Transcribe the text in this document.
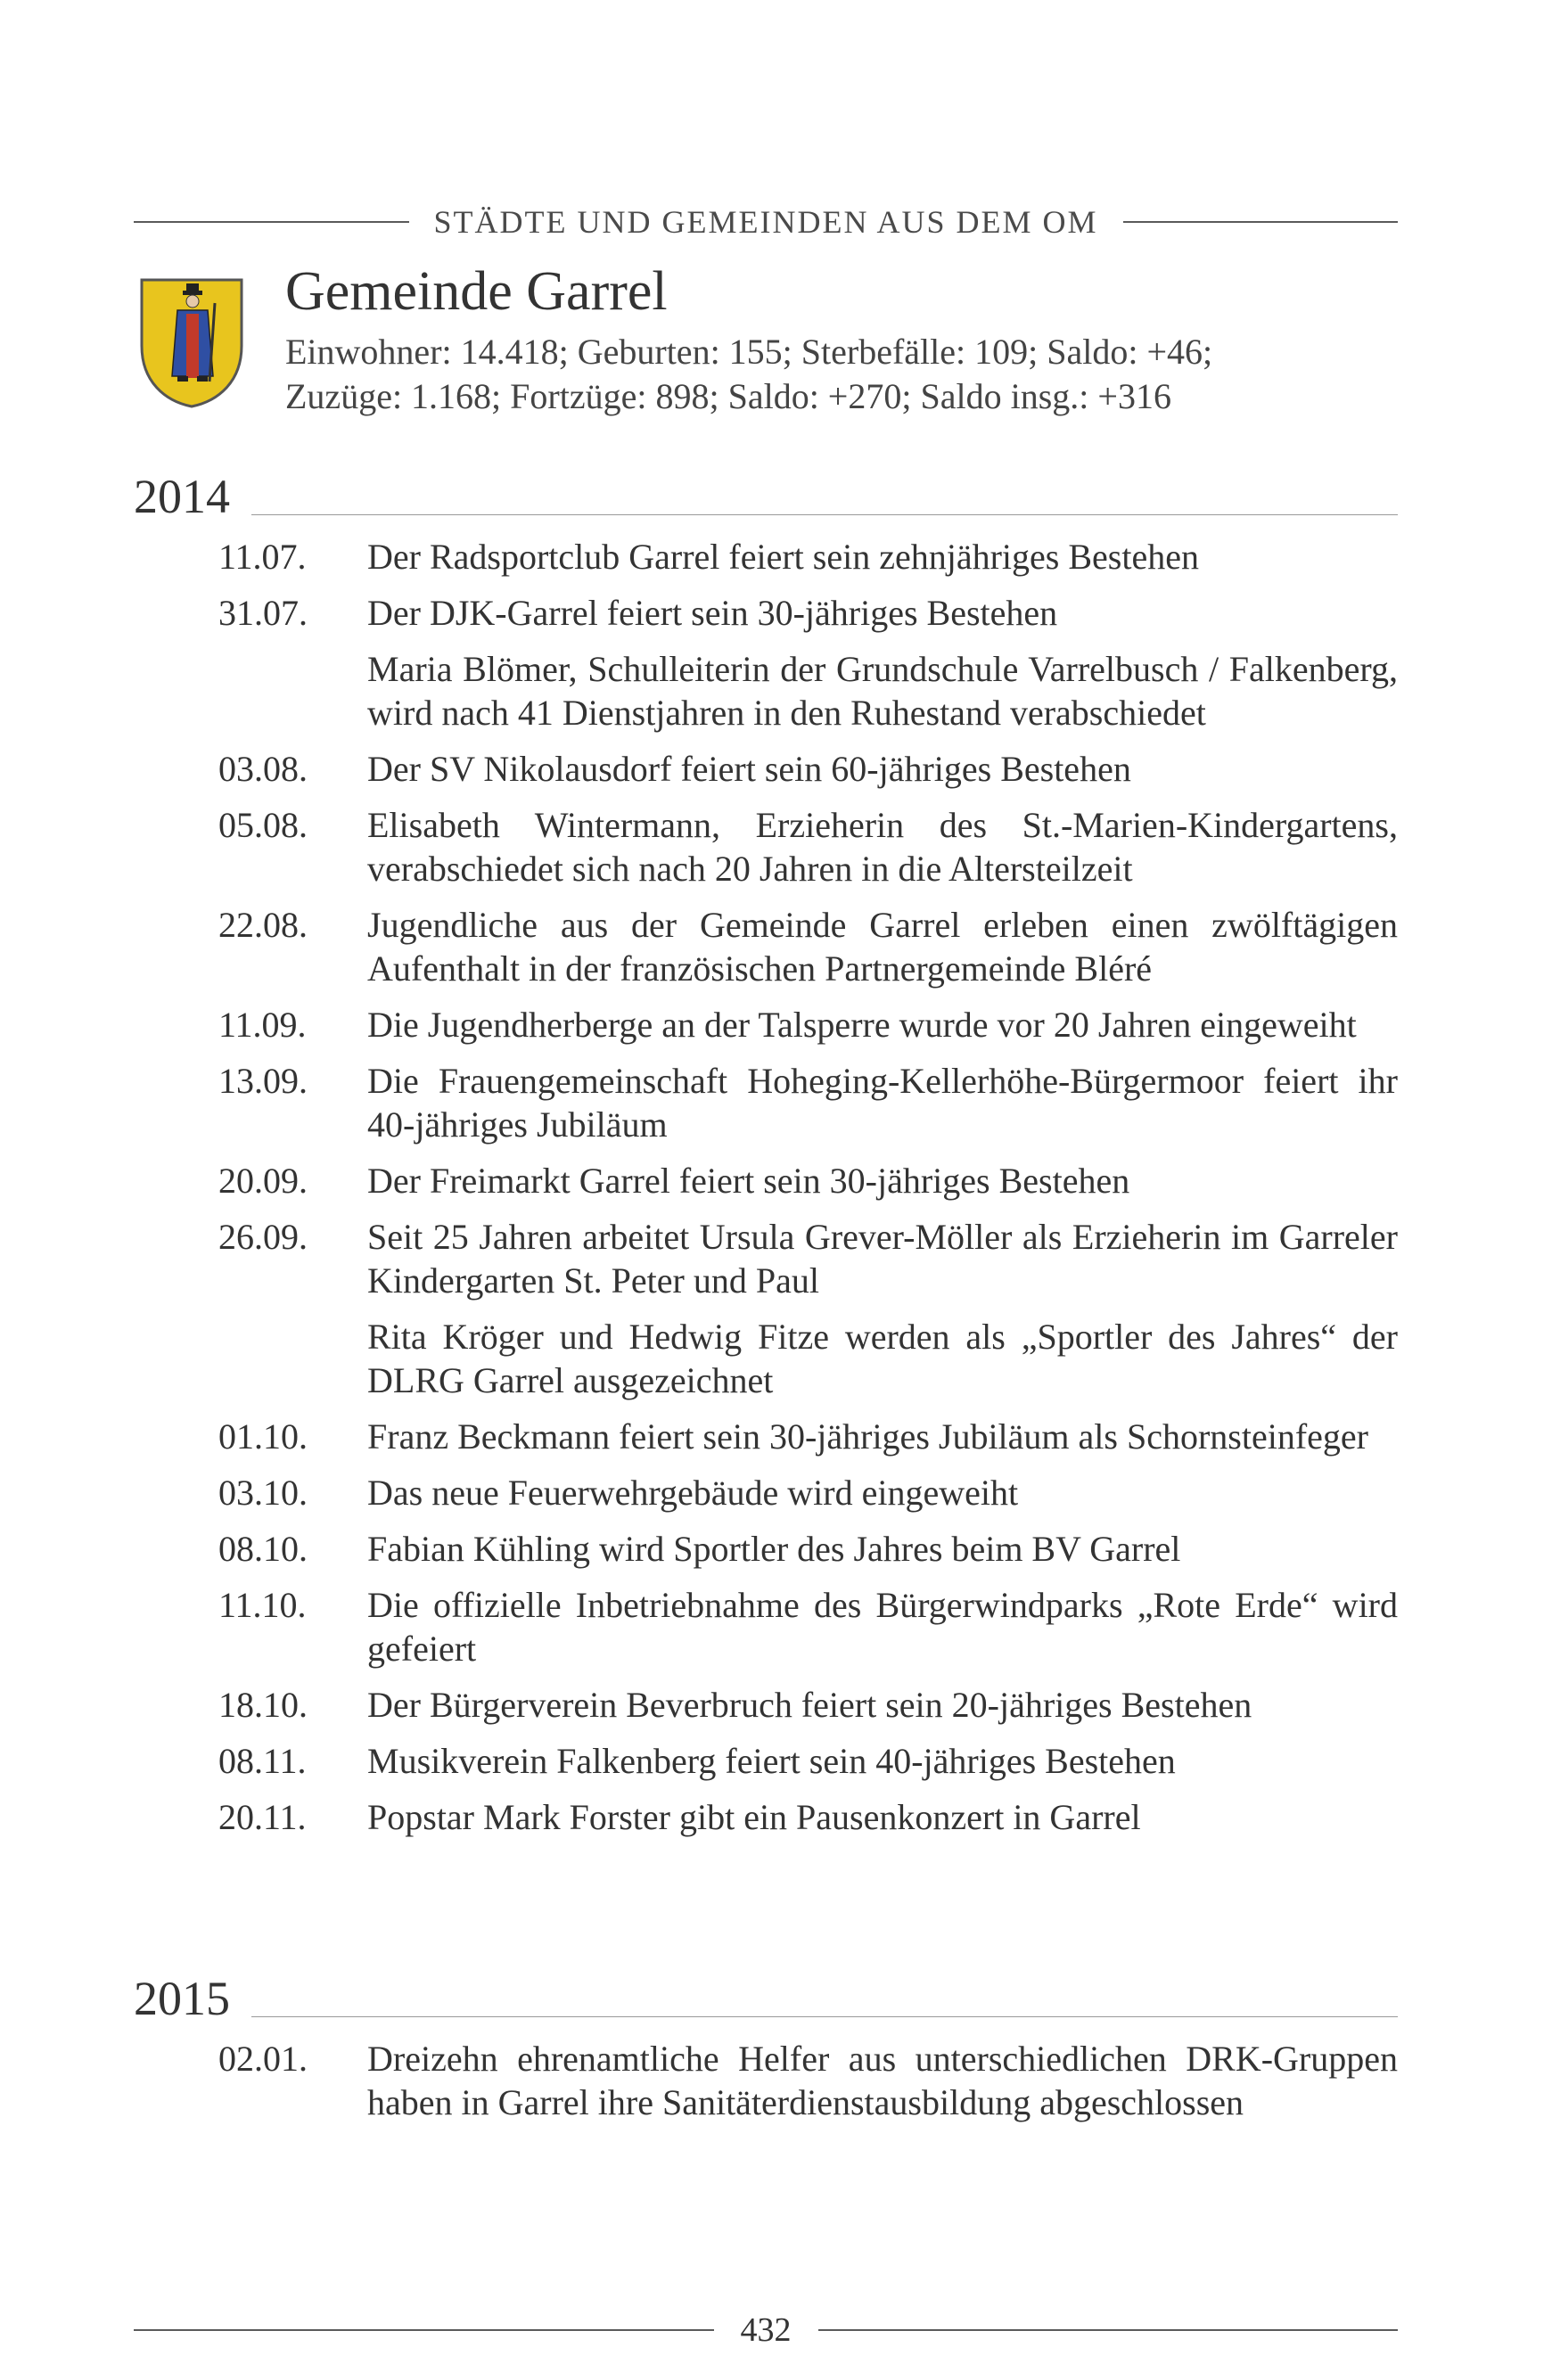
STÄDTE UND GEMEINDEN AUS DEM OM
Gemeinde Garrel
Einwohner: 14.418; Geburten: 155; Sterbefälle: 109; Saldo: +46;
Zuzüge: 1.168; Fortzüge: 898; Saldo: +270; Saldo insg.: +316
2014
11.07.	Der Radsportclub Garrel feiert sein zehnjähriges Bestehen
31.07.	Der DJK-Garrel feiert sein 30-jähriges Bestehen
Maria Blömer, Schulleiterin der Grundschule Varrelbusch / Falkenberg, wird nach 41 Dienstjahren in den Ruhestand verabschiedet
03.08.	Der SV Nikolausdorf feiert sein 60-jähriges Bestehen
05.08.	Elisabeth Wintermann, Erzieherin des St.-Marien-Kindergartens, verabschiedet sich nach 20 Jahren in die Altersteilzeit
22.08.	Jugendliche aus der Gemeinde Garrel erleben einen zwölftägigen Aufenthalt in der französischen Partnergemeinde Bléré
11.09.	Die Jugendherberge an der Talsperre wurde vor 20 Jahren eingeweiht
13.09.	Die Frauengemeinschaft Hoheging-Kellerhöhe-Bürgermoor feiert ihr 40-jähriges Jubiläum
20.09.	Der Freimarkt Garrel feiert sein 30-jähriges Bestehen
26.09.	Seit 25 Jahren arbeitet Ursula Grever-Möller als Erzieherin im Garreler Kindergarten St. Peter und Paul
Rita Kröger und Hedwig Fitze werden als „Sportler des Jahres“ der DLRG Garrel ausgezeichnet
01.10.	Franz Beckmann feiert sein 30-jähriges Jubiläum als Schornsteinfeger
03.10.	Das neue Feuerwehrgebäude wird eingeweiht
08.10.	Fabian Kühling wird Sportler des Jahres beim BV Garrel
11.10.	Die offizielle Inbetriebnahme des Bürgerwindparks „Rote Erde“ wird gefeiert
18.10.	Der Bürgerverein Beverbruch feiert sein 20-jähriges Bestehen
08.11.	Musikverein Falkenberg feiert sein 40-jähriges Bestehen
20.11.	Popstar Mark Forster gibt ein Pausenkonzert in Garrel
2015
02.01.	Dreizehn ehrenamtliche Helfer aus unterschiedlichen DRK-Gruppen haben in Garrel ihre Sanitäterdienstausbildung abgeschlossen
432
